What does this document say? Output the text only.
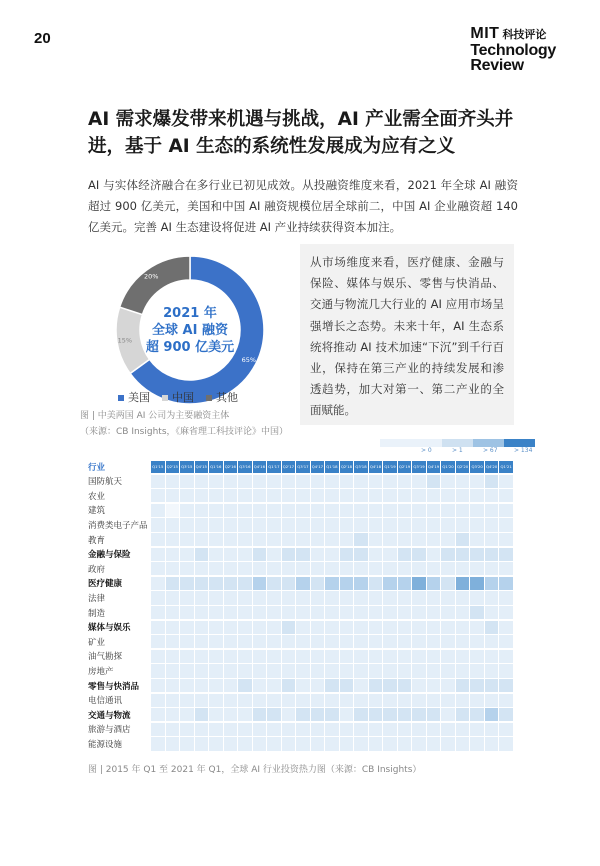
20	MIT 科技评论
Technology
Review
AI 需求爆发带来机遇与挑战，AI 产业需全面齐头并进，基于 AI 生态的系统性发展成为应有之义
AI 与实体经济融合在多行业已初见成效。从投融资维度来看，2021 年全球 AI 融资超过 900 亿美元，美国和中国 AI 融资规模位居全球前二，中国 AI 企业融资超 140 亿美元。完善 AI 生态建设将促进 AI 产业持续获得资本加注。
65%
15%
20%
2021 年
全球 AI 融资
超 900 亿美元
美国	中国	其他
图 | 中美两国 AI 公司为主要融资主体
（来源：CB Insights，《麻省理工科技评论》中国）
从市场维度来看，医疗健康、金融与保险、媒体与娱乐、零售与快消品、交通与物流几大行业的 AI 应用市场呈强增长之态势。未来十年，AI 生态系统将推动 AI 技术加速“下沉”到千行百业，保持在第三产业的持续发展和渗透趋势，加大对第一、第二产业的全面赋能。
> 0	> 1	> 67	> 134
行业	Q1'15 Q2'15 Q3'15 Q4'15 Q1'16 Q2'16 Q3'16 Q4'16 Q1'17 Q2'17 Q3'17 Q4'17 Q1'18 Q2'18 Q3'18 Q4'18 Q1'19 Q2'19 Q3'19 Q4'19 Q1'20 Q2'20 Q3'20 Q4'20 Q1'21
国防航天
农业
建筑
消费类电子产品
教育
金融与保险
政府
医疗健康
法律
制造
媒体与娱乐
矿业
油气勘探
房地产
零售与快消品
电信通讯
交通与物流
旅游与酒店
能源设施
图 | 2015 年 Q1 至 2021 年 Q1，全球 AI 行业投资热力图（来源：CB Insights）
